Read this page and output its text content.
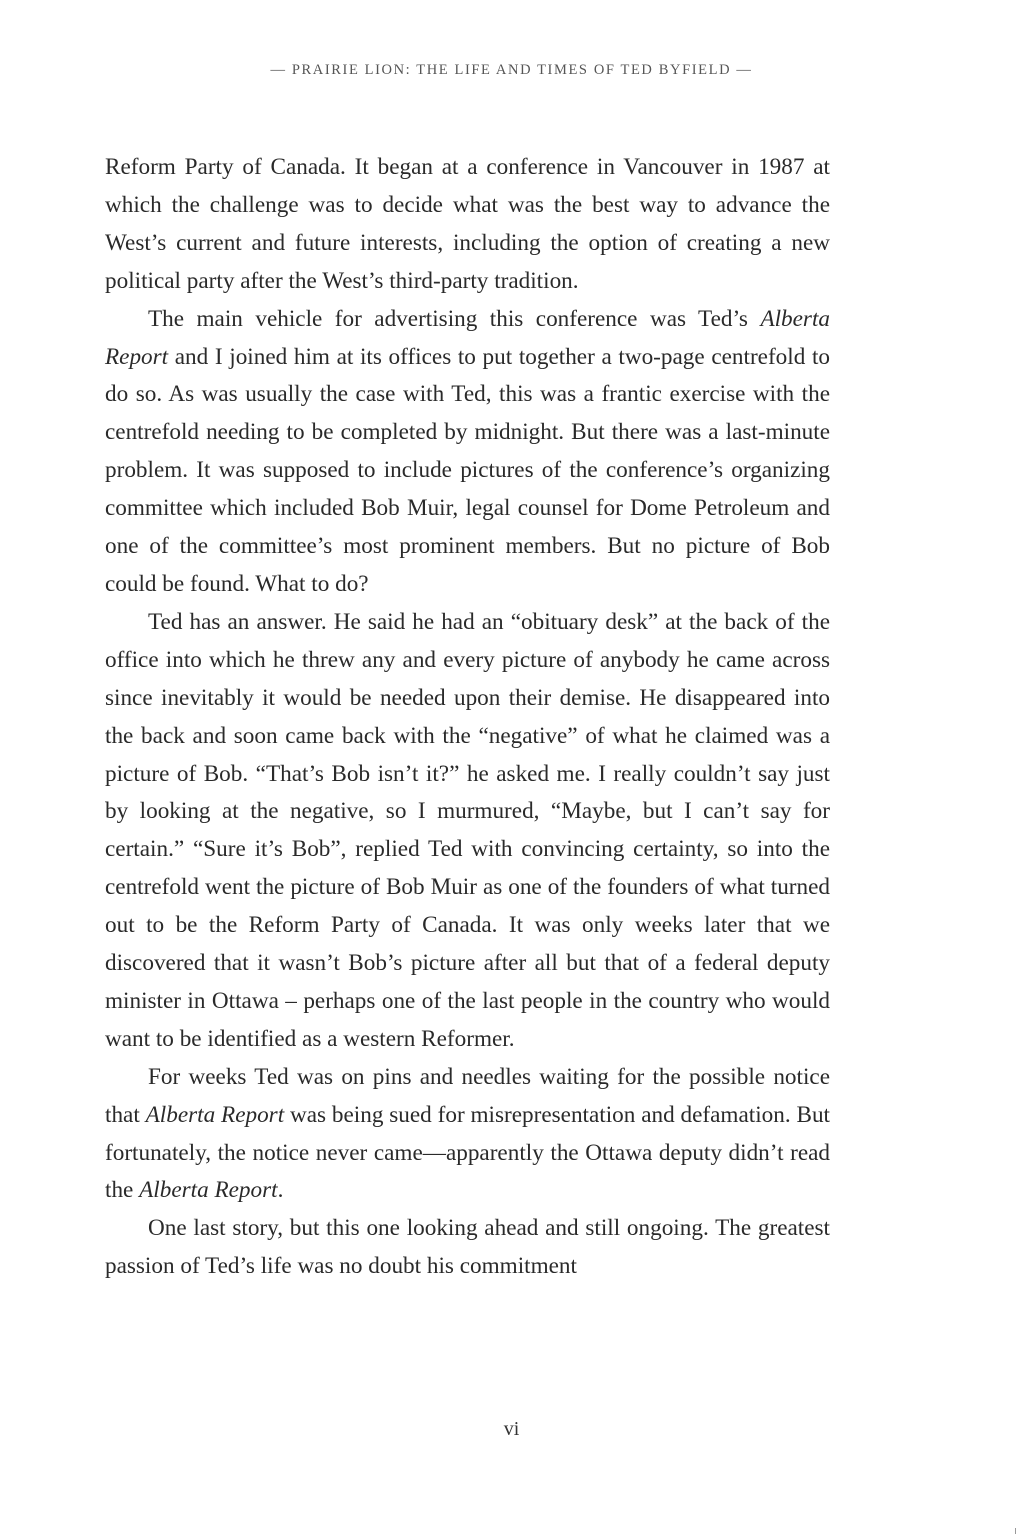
— PRAIRIE LION: THE LIFE AND TIMES OF TED BYFIELD —

Reform Party of Canada. It began at a conference in Vancouver in 1987 at which the challenge was to decide what was the best way to advance the West’s current and future interests, including the option of creating a new political party after the West’s third-party tradition.

The main vehicle for advertising this conference was Ted’s Alberta Report and I joined him at its offices to put together a two-page centrefold to do so. As was usually the case with Ted, this was a frantic exercise with the centrefold needing to be completed by midnight. But there was a last-minute problem. It was supposed to include pictures of the conference’s organizing committee which included Bob Muir, legal counsel for Dome Petroleum and one of the committee’s most prominent members. But no picture of Bob could be found. What to do?

Ted has an answer. He said he had an “obituary desk” at the back of the office into which he threw any and every picture of anybody he came across since inevitably it would be needed upon their demise. He disappeared into the back and soon came back with the “negative” of what he claimed was a picture of Bob. “That’s Bob isn’t it?” he asked me. I really couldn’t say just by looking at the negative, so I murmured, “Maybe, but I can’t say for certain.” “Sure it’s Bob”, replied Ted with convincing certainty, so into the centrefold went the picture of Bob Muir as one of the founders of what turned out to be the Reform Party of Canada. It was only weeks later that we discovered that it wasn’t Bob’s picture after all but that of a federal deputy minister in Ottawa – perhaps one of the last people in the country who would want to be identified as a western Reformer.

For weeks Ted was on pins and needles waiting for the possible notice that Alberta Report was being sued for misrepresentation and defamation. But fortunately, the notice never came—apparently the Ottawa deputy didn’t read the Alberta Report.

One last story, but this one looking ahead and still ongoing. The greatest passion of Ted’s life was no doubt his commitment

vi
